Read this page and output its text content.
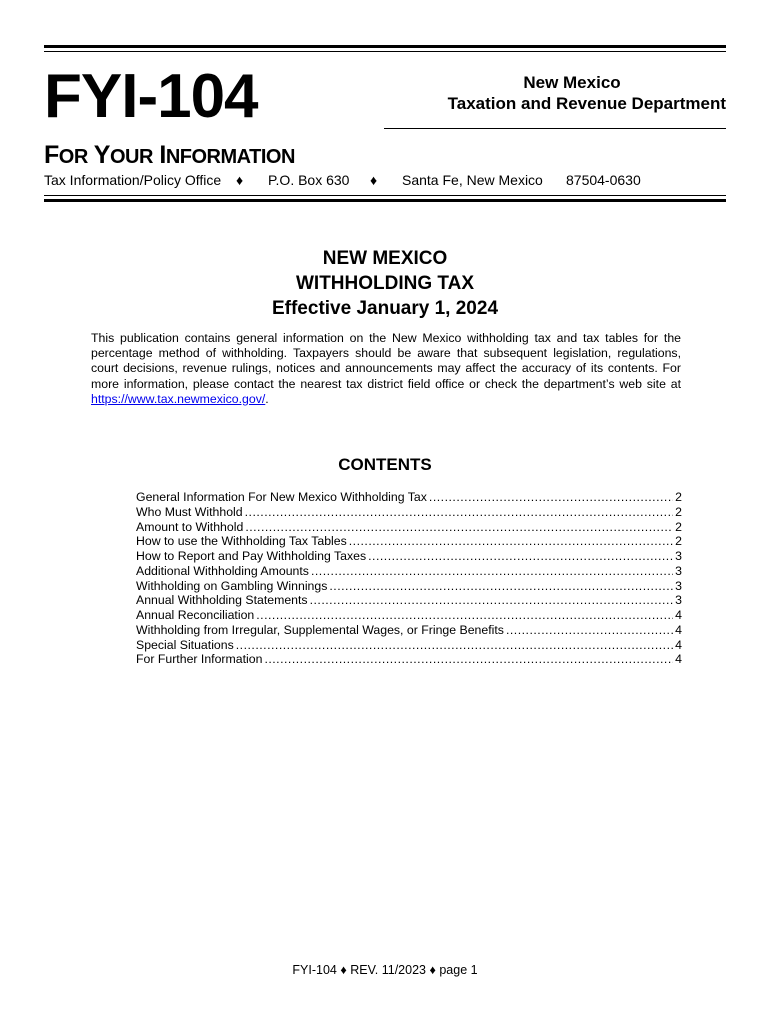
FYI-104	New Mexico
Taxation and Revenue Department
FOR YOUR INFORMATION
Tax Information/Policy Office ♦ P.O. Box 630 ♦ Santa Fe, New Mexico 87504-0630
NEW MEXICO
WITHHOLDING TAX
Effective January 1, 2024

This publication contains general information on the New Mexico withholding tax and tax tables for the percentage method of withholding. Taxpayers should be aware that subsequent legislation, regulations, court decisions, revenue rulings, notices and announcements may affect the accuracy of its contents. For more information, please contact the nearest tax district field office or check the department’s web site at https://www.tax.newmexico.gov/.

CONTENTS
General Information For New Mexico Withholding Tax .....	2
Who Must Withhold .....	2
Amount to Withhold .....	2
How to use the Withholding Tax Tables .....	2
How to Report and Pay Withholding Taxes .....	3
Additional Withholding Amounts .....	3
Withholding on Gambling Winnings .....	3
Annual Withholding Statements .....	3
Annual Reconciliation .....	4
Withholding from Irregular, Supplemental Wages, or Fringe Benefits .....	4
Special Situations .....	4
For Further Information .....	4
FYI-104 ♦ REV. 11/2023 ♦ page 1
